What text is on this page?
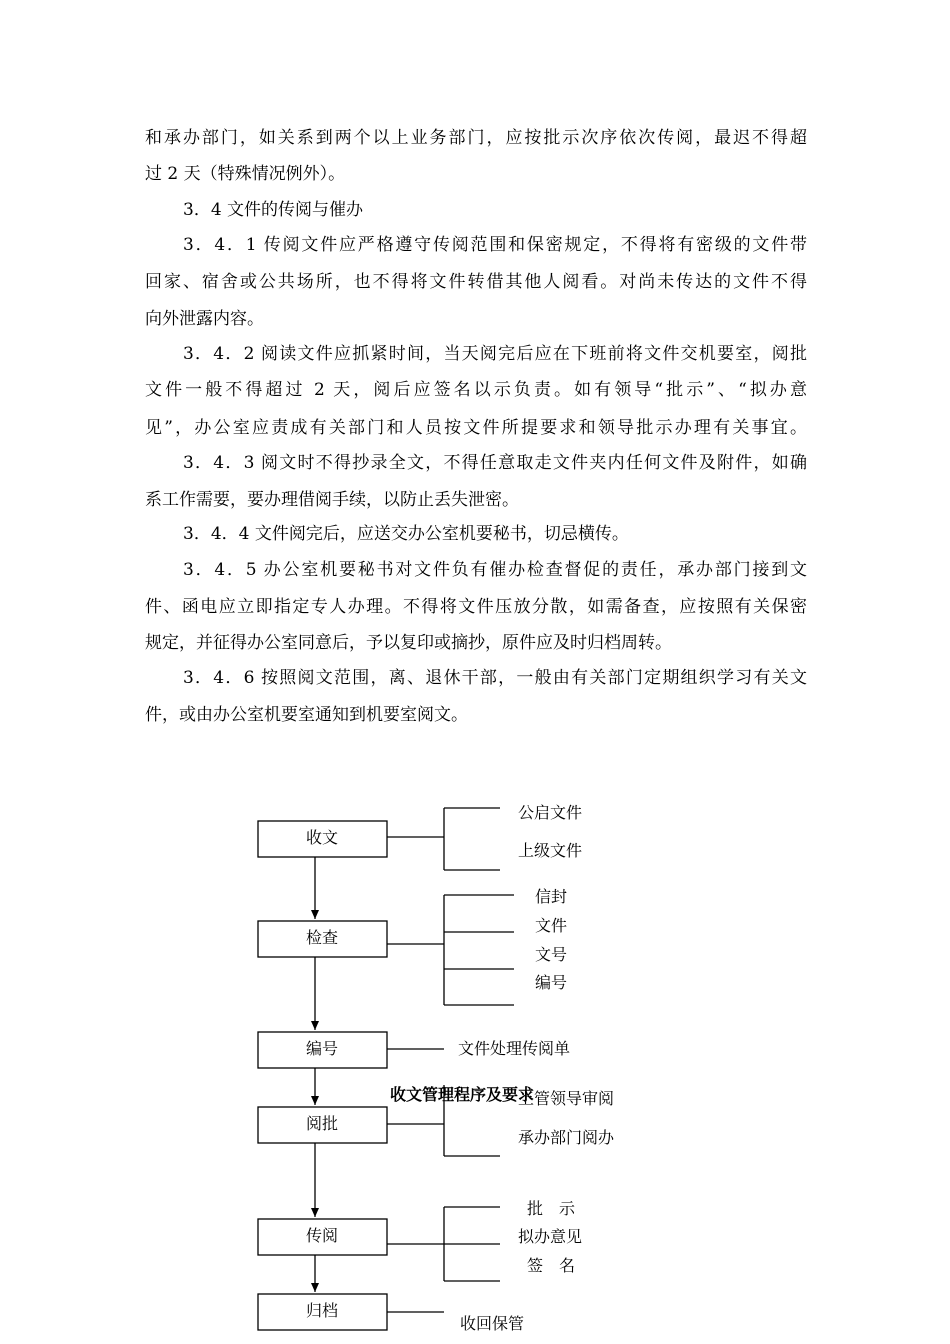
和承办部门，如关系到两个以上业务部门，应按批示次序依次传阅，最迟不得超
过 2 天（特殊情况例外）。
3．4 文件的传阅与催办
3．4．1 传阅文件应严格遵守传阅范围和保密规定，不得将有密级的文件带
回家、宿舍或公共场所，也不得将文件转借其他人阅看。对尚未传达的文件不得
向外泄露内容。
3．4．2 阅读文件应抓紧时间，当天阅完后应在下班前将文件交机要室，阅批
文件一般不得超过 2 天，阅后应签名以示负责。如有领导“批示”、“拟办意
见”，办公室应责成有关部门和人员按文件所提要求和领导批示办理有关事宜。
3．4．3 阅文时不得抄录全文，不得任意取走文件夹内任何文件及附件，如确
系工作需要，要办理借阅手续，以防止丢失泄密。
3．4．4 文件阅完后，应送交办公室机要秘书，切忌横传。
3．4．5 办公室机要秘书对文件负有催办检查督促的责任，承办部门接到文
件、函电应立即指定专人办理。不得将文件压放分散，如需备查，应按照有关保密
规定，并征得办公室同意后，予以复印或摘抄，原件应及时归档周转。
3．4．6 按照阅文范围，离、退休干部，一般由有关部门定期组织学习有关文
件，或由办公室机要室通知到机要室阅文。
收文
检查
编号
阅批
传阅
归档
公启文件
上级文件
信封
文件
文号
编号
文件处理传阅单
上管领导审阅
承办部门阅办
批　示
拟办意见
签　名
收回保管
收文管理程序及要求
